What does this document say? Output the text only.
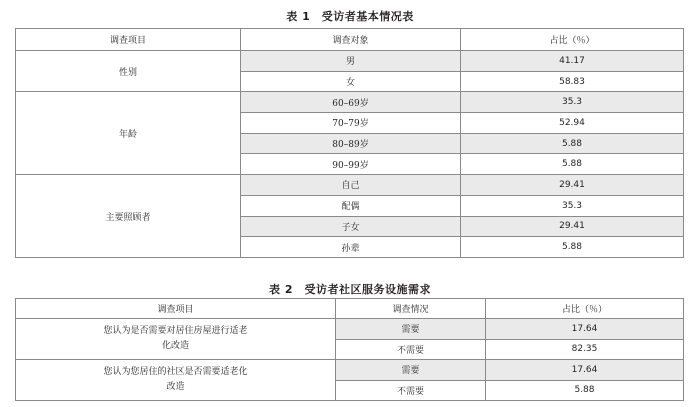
表 1　受访者基本情况表
调查项目	调查对象	占比（％）
性别	男	41.17
	女	58.83
年龄	60–69岁	35.3
	70–79岁	52.94
	80–89岁	5.88
	90–99岁	5.88
主要照顾者	自己	29.41
	配偶	35.3
	子女	29.41
	孙辈	5.88
表 2　受访者社区服务设施需求
调查项目	调查情况	占比（％）

您认为是否需要对居住房屋进行适老化改造	需要	17.64
	不需要	82.35

您认为您居住的社区是否需要适老化改造	需要	17.64
	不需要	5.88
